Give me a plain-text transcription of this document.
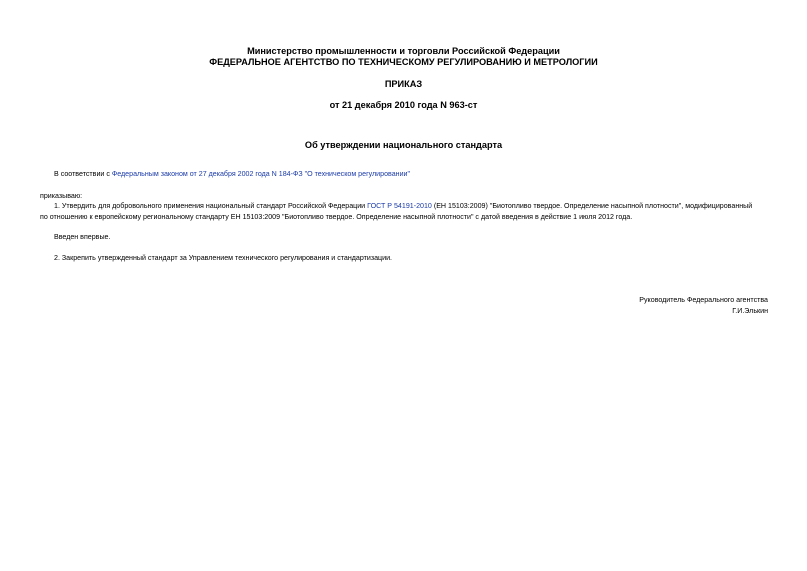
Министерство промышленности и торговли Российской Федерации
ФЕДЕРАЛЬНОЕ АГЕНТСТВО ПО ТЕХНИЧЕСКОМУ РЕГУЛИРОВАНИЮ И МЕТРОЛОГИИ
ПРИКАЗ
от 21 декабря 2010 года N 963-ст
Об утверждении национального стандарта
В соответствии с Федеральным законом от 27 декабря 2002 года N 184-ФЗ "О техническом регулировании"
приказываю:
1. Утвердить для добровольного применения национальный стандарт Российской Федерации ГОСТ Р 54191-2010 (ЕН 15103:2009) "Биотопливо твердое. Определение насыпной плотности", модифицированный
по отношению к европейскому региональному стандарту ЕН 15103:2009 "Биотопливо твердое. Определение насыпной плотности" с датой введения в действие 1 июля 2012 года.
Введен впервые.
2. Закрепить утвержденный стандарт за Управлением технического регулирования и стандартизации.
Руководитель Федерального агентства
Г.И.Элькин
